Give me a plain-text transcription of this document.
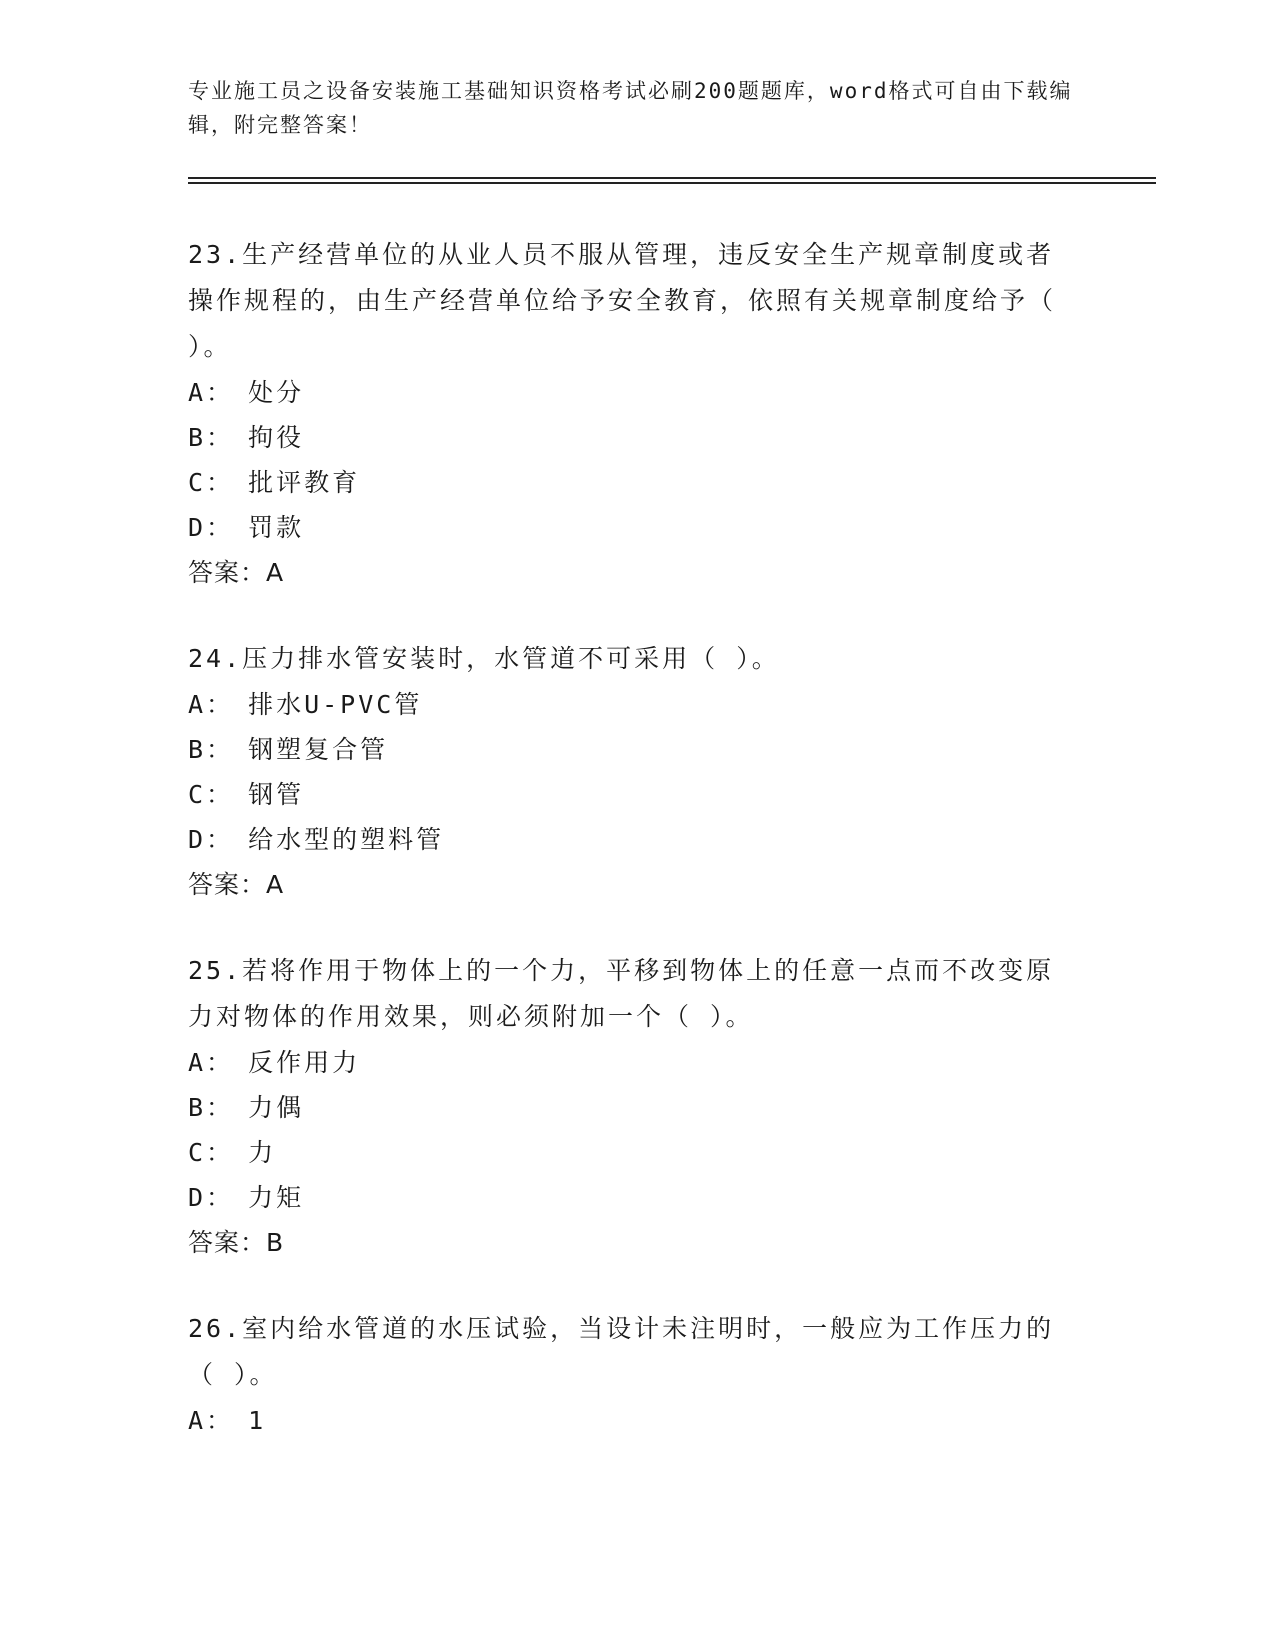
专业施工员之设备安装施工基础知识资格考试必刷200题题库，word格式可自由下载编辑，附完整答案！
23.生产经营单位的从业人员不服从管理，违反安全生产规章制度或者操作规程的，由生产经营单位给予安全教育，依照有关规章制度给予（ ）。
A： 处分
B： 拘役
C： 批评教育
D： 罚款
答案：A
24.压力排水管安装时，水管道不可采用（ ）。
A： 排水U-PVC管
B： 钢塑复合管
C： 钢管
D： 给水型的塑料管
答案：A
25.若将作用于物体上的一个力，平移到物体上的任意一点而不改变原力对物体的作用效果，则必须附加一个（ ）。
A： 反作用力
B： 力偶
C： 力
D： 力矩
答案：B
26.室内给水管道的水压试验，当设计未注明时，一般应为工作压力的（ ）。
A： 1
